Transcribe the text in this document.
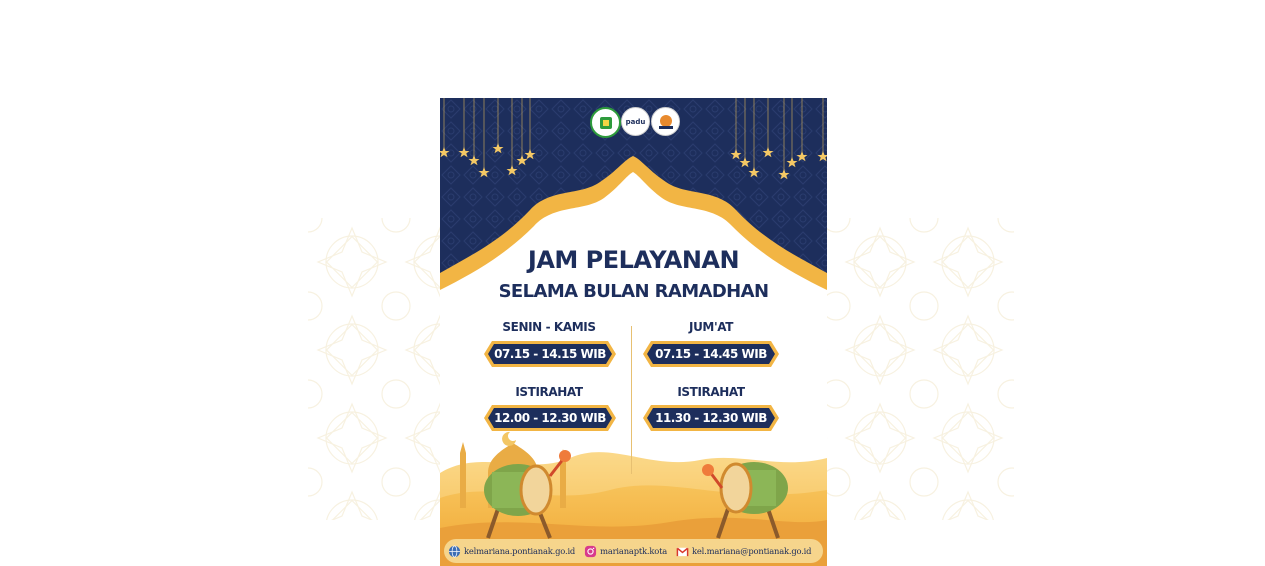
padu
JAM PELAYANAN
SELAMA BULAN RAMADHAN
SENIN - KAMIS
07.15 - 14.15 WIB
ISTIRAHAT
12.00 - 12.30 WIB
JUM'AT
07.15 - 14.45 WIB
ISTIRAHAT
11.30 - 12.30 WIB
kelmariana.pontianak.go.id	marianaptk.kota	kel.mariana@pontianak.go.id
